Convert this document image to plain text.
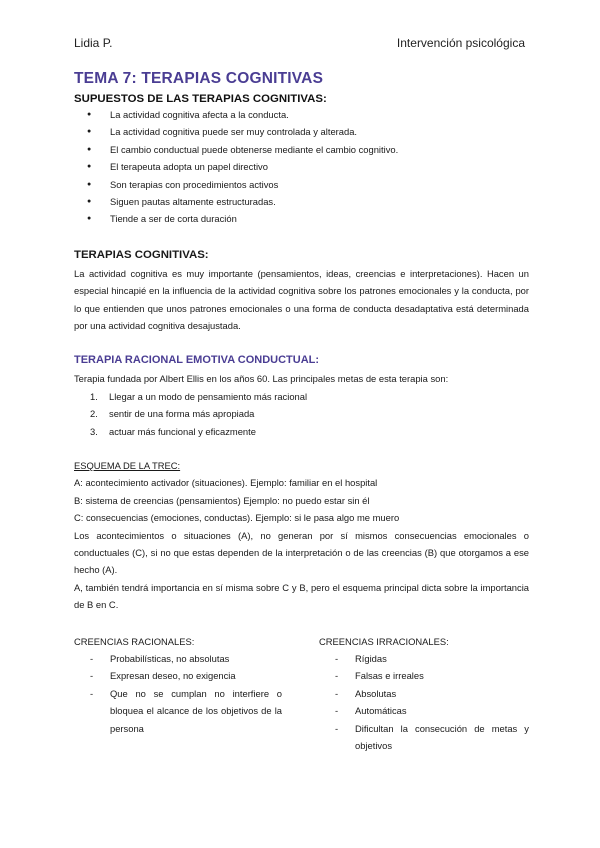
Lidia P.	Intervención psicológica
TEMA 7: TERAPIAS COGNITIVAS
SUPUESTOS DE LAS TERAPIAS COGNITIVAS:
● La actividad cognitiva afecta a la conducta.
● La actividad cognitiva puede ser muy controlada y alterada.
● El cambio conductual puede obtenerse mediante el cambio cognitivo.
● El terapeuta adopta un papel directivo
● Son terapias con procedimientos activos
● Siguen pautas altamente estructuradas.
● Tiende a ser de corta duración
TERAPIAS COGNITIVAS:

La actividad cognitiva es muy importante (pensamientos, ideas, creencias e interpretaciones). Hacen un especial hincapié en la influencia de la actividad cognitiva sobre los patrones emocionales y la conducta, por lo que entienden que unos patrones emocionales o una forma de conducta desadaptativa está determinada por una actividad cognitiva desajustada.

TERAPIA RACIONAL EMOTIVA CONDUCTUAL:

Terapia fundada por Albert Ellis en los años 60. Las principales metas de esta terapia son:

1.	Llegar a un modo de pensamiento más racional
2.	sentir de una forma más apropiada
3.	actuar más funcional y eficazmente

ESQUEMA DE LA TREC:

A: acontecimiento activador (situaciones). Ejemplo: familiar en el hospital

B: sistema de creencias (pensamientos) Ejemplo: no puedo estar sin él

C: consecuencias (emociones, conductas). Ejemplo: si le pasa algo me muero

Los acontecimientos o situaciones (A), no generan por sí mismos consecuencias emocionales o conductuales (C), si no que estas dependen de la interpretación o de las creencias (B) que otorgamos a ese hecho (A).

A, también tendrá importancia en sí misma sobre C y B, pero el esquema principal dicta sobre la importancia de B en C.

CREENCIAS RACIONALES:

-	Probabilísticas, no absolutas
-	Expresan deseo, no exigencia
-	Que no se cumplan no interfiere o bloquea el alcance de los objetivos de la persona

CREENCIAS IRRACIONALES:

-	Rígidas
-	Falsas e irreales
-	Absolutas
-	Automáticas
-	Dificultan la consecución de metas y objetivos
